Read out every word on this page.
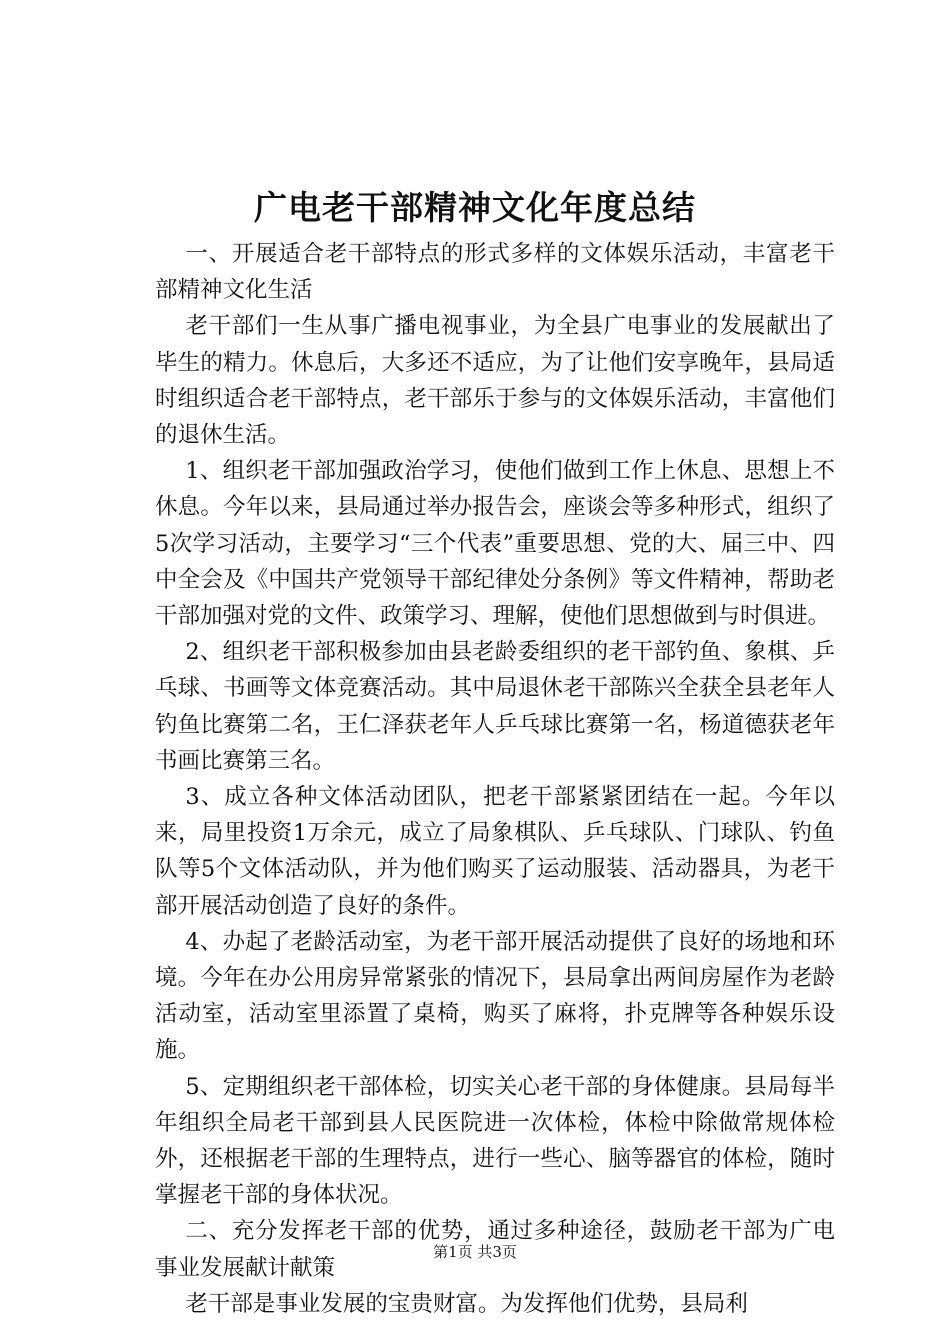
广电老干部精神文化年度总结

一、开展适合老干部特点的形式多样的文体娱乐活动，丰富老干部精神文化生活

老干部们一生从事广播电视事业，为全县广电事业的发展献出了毕生的精力。休息后，大多还不适应，为了让他们安享晚年，县局适时组织适合老干部特点，老干部乐于参与的文体娱乐活动，丰富他们的退休生活。

1、组织老干部加强政治学习，使他们做到工作上休息、思想上不休息。今年以来，县局通过举办报告会，座谈会等多种形式，组织了5次学习活动，主要学习“三个代表”重要思想、党的大、届三中、四中全会及《中国共产党领导干部纪律处分条例》等文件精神，帮助老干部加强对党的文件、政策学习、理解，使他们思想做到与时俱进。

2、组织老干部积极参加由县老龄委组织的老干部钓鱼、象棋、乒乓球、书画等文体竞赛活动。其中局退休老干部陈兴全获全县老年人钓鱼比赛第二名，王仁泽获老年人乒乓球比赛第一名，杨道德获老年书画比赛第三名。

3、成立各种文体活动团队，把老干部紧紧团结在一起。今年以来，局里投资1万余元，成立了局象棋队、乒乓球队、门球队、钓鱼队等5个文体活动队，并为他们购买了运动服装、活动器具，为老干部开展活动创造了良好的条件。

4、办起了老龄活动室，为老干部开展活动提供了良好的场地和环境。今年在办公用房异常紧张的情况下，县局拿出两间房屋作为老龄活动室，活动室里添置了桌椅，购买了麻将，扑克牌等各种娱乐设施。

5、定期组织老干部体检，切实关心老干部的身体健康。县局每半年组织全局老干部到县人民医院进一次体检，体检中除做常规体检外，还根据老干部的生理特点，进行一些心、脑等器官的体检，随时掌握老干部的身体状况。

二、充分发挥老干部的优势，通过多种途径，鼓励老干部为广电事业发展献计献策

老干部是事业发展的宝贵财富。为发挥他们优势，县局利

第1页 共3页
